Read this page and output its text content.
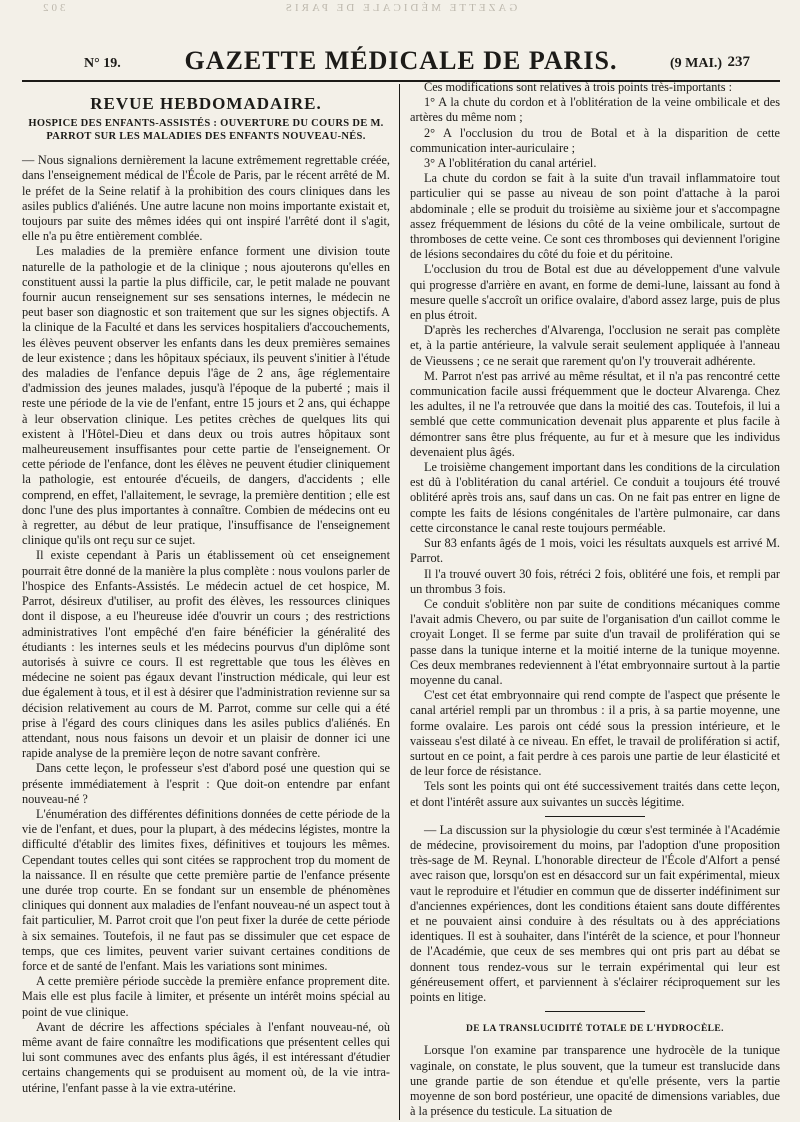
GAZETTE MÉDICALE DE PARIS
302
N° 19.	GAZETTE MÉDICALE DE PARIS.	(9 MAI.) 237
REVUE HEBDOMADAIRE.
HOSPICE DES ENFANTS-ASSISTÉS : OUVERTURE DU COURS DE M. PARROT SUR LES MALADIES DES ENFANTS NOUVEAU-NÉS.

— Nous signalions dernièrement la lacune extrêmement regrettable créée, dans l'enseignement médical de l'École de Paris, par le récent arrêté de M. le préfet de la Seine relatif à la prohibition des cours cliniques dans les asiles publics d'aliénés. Une autre lacune non moins importante existait et, toujours par suite des mêmes idées qui ont inspiré l'arrêté dont il s'agit, elle n'a pu être entièrement comblée.

Les maladies de la première enfance forment une division toute naturelle de la pathologie et de la clinique ; nous ajouterons qu'elles en constituent aussi la partie la plus difficile, car, le petit malade ne pouvant fournir aucun renseignement sur ses sensations internes, le médecin ne peut baser son diagnostic et son traitement que sur les signes objectifs. A la clinique de la Faculté et dans les services hospitaliers d'accouchements, les élèves peuvent observer les enfants dans les deux premières semaines de leur existence ; dans les hôpitaux spéciaux, ils peuvent s'initier à l'étude des maladies de l'enfance depuis l'âge de 2 ans, âge réglementaire d'admission des jeunes malades, jusqu'à l'époque de la puberté ; mais il reste une période de la vie de l'enfant, entre 15 jours et 2 ans, qui échappe à leur observation clinique. Les petites crèches de quelques lits qui existent à l'Hôtel-Dieu et dans deux ou trois autres hôpitaux sont malheureusement insuffisantes pour cette partie de l'enseignement. Or cette période de l'enfance, dont les élèves ne peuvent étudier cliniquement la pathologie, est entourée d'écueils, de dangers, d'accidents ; elle comprend, en effet, l'allaitement, le sevrage, la première dentition ; elle est donc l'une des plus importantes à connaître. Combien de médecins ont eu à regretter, au début de leur pratique, l'insuffisance de l'enseignement clinique qu'ils ont reçu sur ce sujet.

Il existe cependant à Paris un établissement où cet enseignement pourrait être donné de la manière la plus complète : nous voulons parler de l'hospice des Enfants-Assistés. Le médecin actuel de cet hospice, M. Parrot, désireux d'utiliser, au profit des élèves, les ressources cliniques dont il dispose, a eu l'heureuse idée d'ouvrir un cours ; des restrictions administratives l'ont empêché d'en faire bénéficier la généralité des étudiants : les internes seuls et les médecins pourvus d'un diplôme sont autorisés à suivre ce cours. Il est regrettable que tous les élèves en médecine ne soient pas égaux devant l'instruction médicale, qui leur est due également à tous, et il est à désirer que l'administration revienne sur sa décision relativement au cours de M. Parrot, comme sur celle qui a été prise à l'égard des cours cliniques dans les asiles publics d'aliénés. En attendant, nous nous faisons un devoir et un plaisir de donner ici une rapide analyse de la première leçon de notre savant confrère.

Dans cette leçon, le professeur s'est d'abord posé une question qui se présente immédiatement à l'esprit : Que doit-on entendre par enfant nouveau-né ?

L'énumération des différentes définitions données de cette période de la vie de l'enfant, et dues, pour la plupart, à des médecins légistes, montre la difficulté d'établir des limites fixes, définitives et toujours les mêmes. Cependant toutes celles qui sont citées se rapprochent trop du moment de la naissance. Il en résulte que cette première partie de l'enfance présente une durée trop courte. En se fondant sur un ensemble de phénomènes cliniques qui donnent aux maladies de l'enfant nouveau-né un aspect tout à fait particulier, M. Parrot croit que l'on peut fixer la durée de cette période à six semaines. Toutefois, il ne faut pas se dissimuler que cet espace de temps, que ces limites, peuvent varier suivant certaines conditions de force et de santé de l'enfant. Mais les variations sont minimes.

A cette première période succède la première enfance proprement dite. Mais elle est plus facile à limiter, et présente un intérêt moins spécial au point de vue clinique.

Avant de décrire les affections spéciales à l'enfant nouveau-né, où même avant de faire connaître les modifications que présentent celles qui lui sont communes avec des enfants plus âgés, il est intéressant d'étudier certains changements qui se produisent au moment où, de la vie intra-utérine, l'enfant passe à la vie extra-utérine.

Ces modifications sont relatives à trois points très-importants :

1° A la chute du cordon et à l'oblitération de la veine ombilicale et des artères du même nom ;

2° A l'occlusion du trou de Botal et à la disparition de cette communication inter-auriculaire ;

3° A l'oblitération du canal artériel.

La chute du cordon se fait à la suite d'un travail inflammatoire tout particulier qui se passe au niveau de son point d'attache à la paroi abdominale ; elle se produit du troisième au sixième jour et s'accompagne assez fréquemment de lésions du côté de la veine ombilicale, surtout de thromboses de cette veine. Ce sont ces thromboses qui deviennent l'origine de lésions secondaires du côté du foie et du péritoine.

L'occlusion du trou de Botal est due au développement d'une valvule qui progresse d'arrière en avant, en forme de demi-lune, laissant au fond à mesure quelle s'accroît un orifice ovalaire, d'abord assez large, puis de plus en plus étroit.

D'après les recherches d'Alvarenga, l'occlusion ne serait pas complète et, à la partie antérieure, la valvule serait seulement appliquée à l'anneau de Vieussens ; ce ne serait que rarement qu'on l'y trouverait adhérente.

M. Parrot n'est pas arrivé au même résultat, et il n'a pas rencontré cette communication facile aussi fréquemment que le docteur Alvarenga. Chez les adultes, il ne l'a retrouvée que dans la moitié des cas. Toutefois, il lui a semblé que cette communication devenait plus apparente et plus facile à démontrer sans être plus fréquente, au fur et à mesure que les individus devenaient plus âgés.

Le troisième changement important dans les conditions de la circulation est dû à l'oblitération du canal artériel. Ce conduit a toujours été trouvé oblitéré après trois ans, sauf dans un cas. On ne fait pas entrer en ligne de compte les faits de lésions congénitales de l'artère pulmonaire, car dans cette circonstance le canal reste toujours perméable.

Sur 83 enfants âgés de 1 mois, voici les résultats auxquels est arrivé M. Parrot.

Il l'a trouvé ouvert 30 fois, rétréci 2 fois, oblitéré une fois, et rempli par un thrombus 3 fois.

Ce conduit s'oblitère non par suite de conditions mécaniques comme l'avait admis Chevero, ou par suite de l'organisation d'un caillot comme le croyait Longet. Il se ferme par suite d'un travail de prolifération qui se passe dans la tunique interne et la moitié interne de la tunique moyenne. Ces deux membranes redeviennent à l'état embryonnaire surtout à la partie moyenne du canal.

C'est cet état embryonnaire qui rend compte de l'aspect que présente le canal artériel rempli par un thrombus : il a pris, à sa partie moyenne, une forme ovalaire. Les parois ont cédé sous la pression intérieure, et le vaisseau s'est dilaté à ce niveau. En effet, le travail de prolifération si actif, surtout en ce point, a fait perdre à ces parois une partie de leur élasticité et de leur force de résistance.

Tels sont les points qui ont été successivement traités dans cette leçon, et dont l'intérêt assure aux suivantes un succès légitime.

— La discussion sur la physiologie du cœur s'est terminée à l'Académie de médecine, provisoirement du moins, par l'adoption d'une proposition très-sage de M. Reynal. L'honorable directeur de l'École d'Alfort a pensé avec raison que, lorsqu'on est en désaccord sur un fait expérimental, mieux vaut le reproduire et l'étudier en commun que de disserter indéfiniment sur d'anciennes expériences, dont les conditions étaient sans doute différentes et ne pouvaient ainsi conduire à des résultats ou à des appréciations identiques. Il est à souhaiter, dans l'intérêt de la science, et pour l'honneur de l'Académie, que ceux de ses membres qui ont pris part au débat se donnent tous rendez-vous sur le terrain expérimental qui leur est généreusement offert, et parviennent à s'éclairer réciproquement sur les points en litige.

DE LA TRANSLUCIDITÉ TOTALE DE L'HYDROCÈLE.

Lorsque l'on examine par transparence une hydrocèle de la tunique vaginale, on constate, le plus souvent, que la tumeur est translucide dans une grande partie de son étendue et qu'elle présente, vers la partie moyenne de son bord postérieur, une opacité de dimensions variables, due à la présence du testicule. La situation de
